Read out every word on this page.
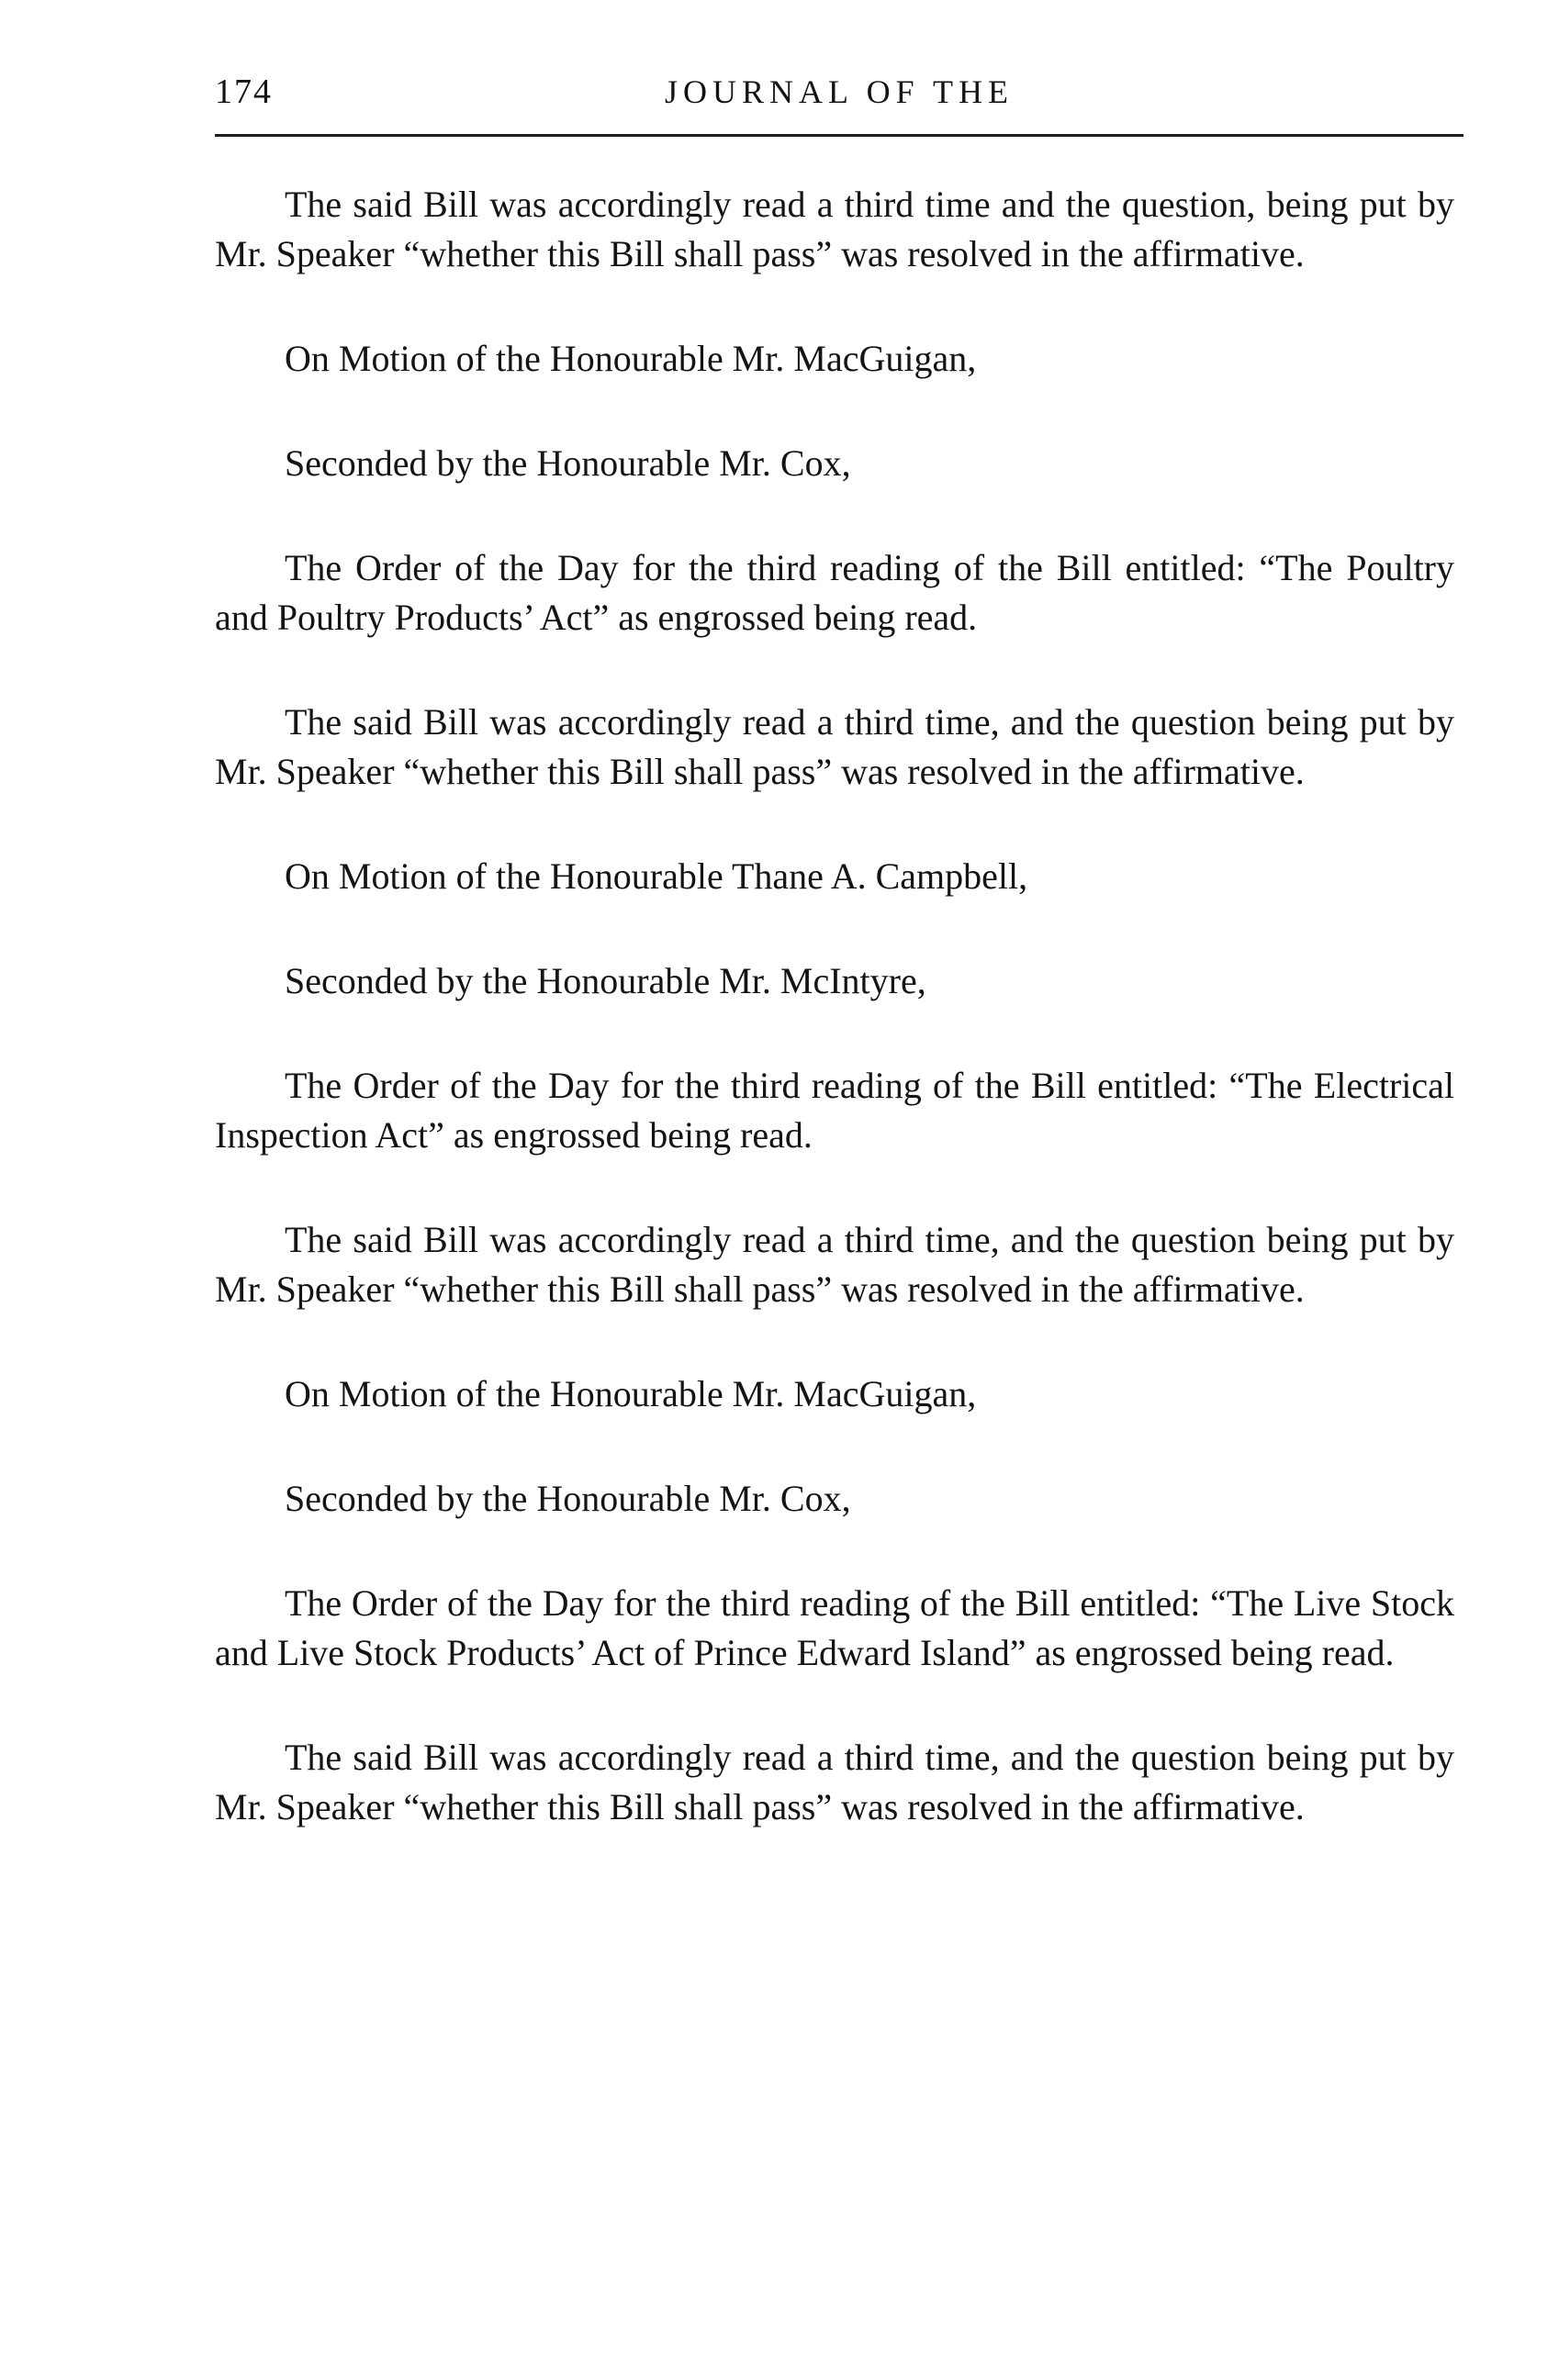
174	JOURNAL OF THE

The said Bill was accordingly read a third time and the question, being put by Mr. Speaker “whether this Bill shall pass” was resolved in the affirmative.

On Motion of the Honourable Mr. MacGuigan,

Seconded by the Honourable Mr. Cox,

The Order of the Day for the third reading of the Bill entitled: “The Poultry and Poultry Products’ Act” as engrossed being read.

The said Bill was accordingly read a third time, and the question being put by Mr. Speaker “whether this Bill shall pass” was resolved in the affirmative.

On Motion of the Honourable Thane A. Campbell,

Seconded by the Honourable Mr. McIntyre,

The Order of the Day for the third reading of the Bill entitled: “The Electrical Inspection Act” as engrossed being read.

The said Bill was accordingly read a third time, and the question being put by Mr. Speaker “whether this Bill shall pass” was resolved in the affirmative.

On Motion of the Honourable Mr. MacGuigan,

Seconded by the Honourable Mr. Cox,

The Order of the Day for the third reading of the Bill entitled: “The Live Stock and Live Stock Products’ Act of Prince Edward Island” as engrossed being read.

The said Bill was accordingly read a third time, and the question being put by Mr. Speaker “whether this Bill shall pass” was resolved in the affirmative.
